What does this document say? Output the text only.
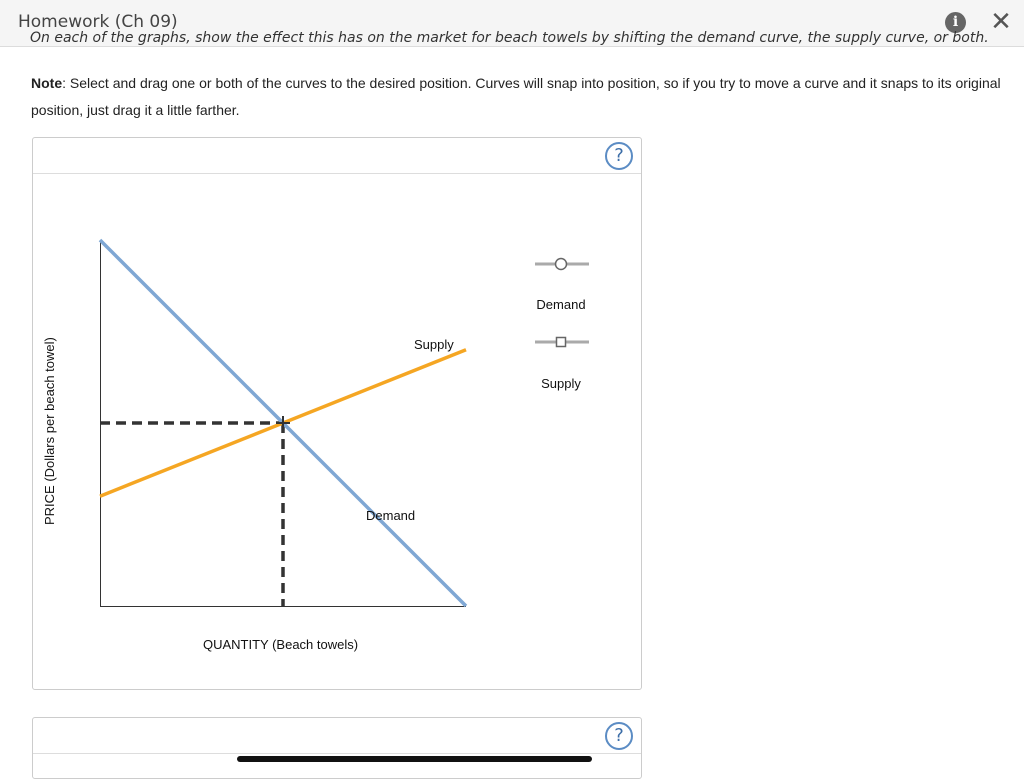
Homework (Ch 09)	i	✕
On each of the graphs, show the effect this has on the market for beach towels by shifting the demand curve, the supply curve, or both.
Note: Select and drag one or both of the curves to the desired position. Curves will snap into position, so if you try to move a curve and it snaps to its original position, just drag it a little farther.
?
Supply
Demand
QUANTITY (Beach towels)
PRICE (Dollars per beach towel)
Demand
Supply
?
